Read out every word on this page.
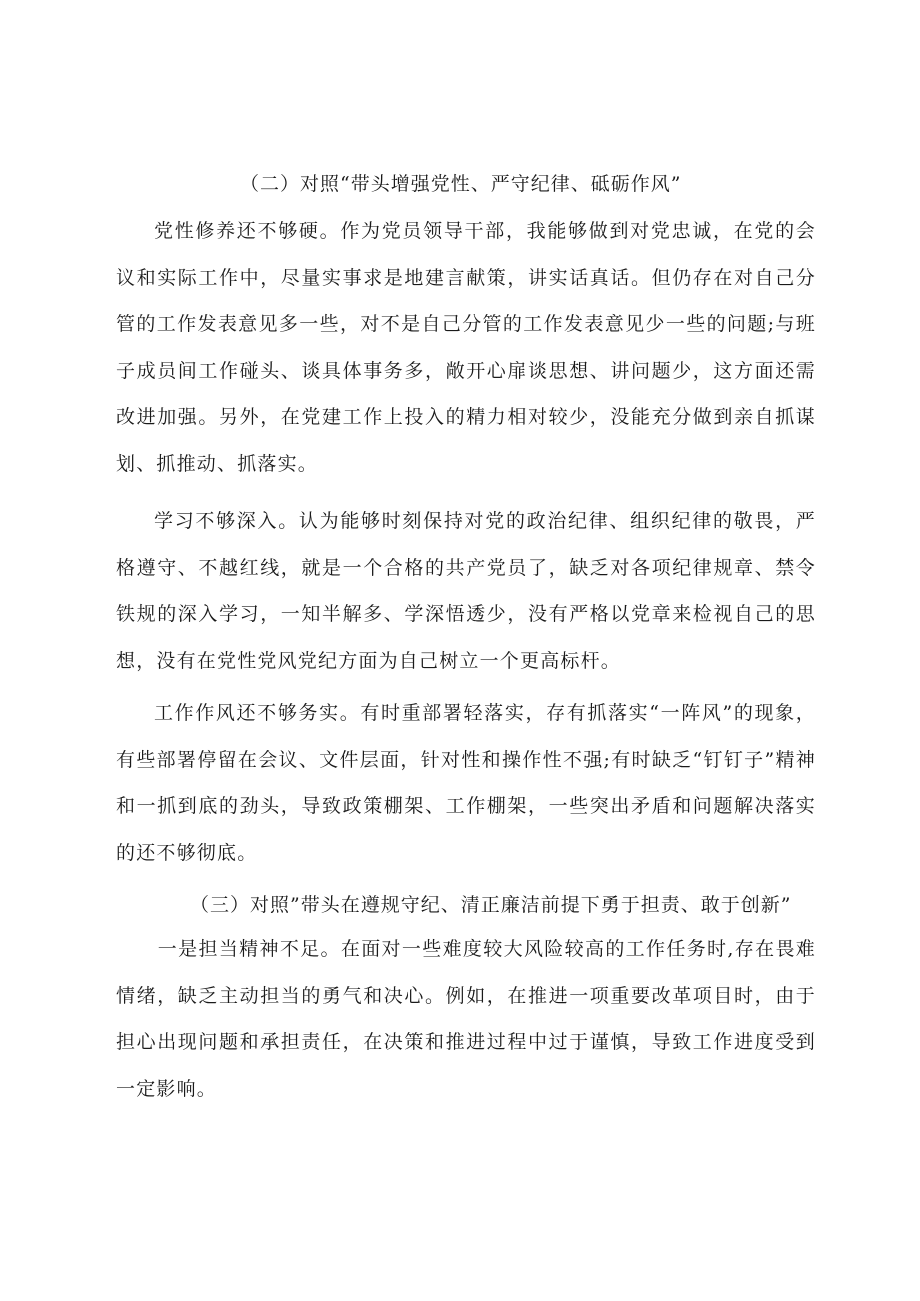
（二）对照“带头增强党性、严守纪律、砥砺作风”

党性修养还不够硬。作为党员领导干部，我能够做到对党忠诚，在党的会议和实际工作中，尽量实事求是地建言献策，讲实话真话。但仍存在对自己分管的工作发表意见多一些，对不是自己分管的工作发表意见少一些的问题;与班子成员间工作碰头、谈具体事务多，敞开心扉谈思想、讲问题少，这方面还需改进加强。另外，在党建工作上投入的精力相对较少，没能充分做到亲自抓谋划、抓推动、抓落实。

学习不够深入。认为能够时刻保持对党的政治纪律、组织纪律的敬畏，严格遵守、不越红线，就是一个合格的共产党员了，缺乏对各项纪律规章、禁令铁规的深入学习，一知半解多、学深悟透少，没有严格以党章来检视自己的思想，没有在党性党风党纪方面为自己树立一个更高标杆。

工作作风还不够务实。有时重部署轻落实，存有抓落实“一阵风”的现象，有些部署停留在会议、文件层面，针对性和操作性不强;有时缺乏“钉钉子”精神和一抓到底的劲头，导致政策棚架、工作棚架，一些突出矛盾和问题解决落实的还不够彻底。

（三）对照”带头在遵规守纪、清正廉洁前提下勇于担责、敢于创新”

一是担当精神不足。在面对一些难度较大风险较高的工作任务时,存在畏难情绪，缺乏主动担当的勇气和决心。例如，在推进一项重要改革项目时，由于担心出现问题和承担责任，在决策和推进过程中过于谨慎，导致工作进度受到一定影响。
